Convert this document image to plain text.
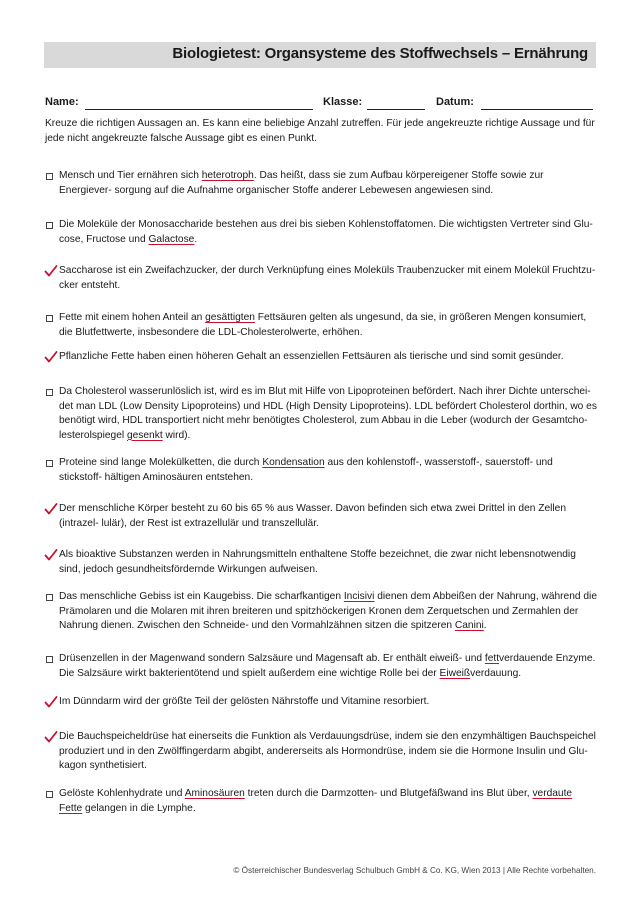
Biologietest: Organsysteme des Stoffwechsels – Ernährung
Name:	Klasse:	Datum:
Kreuze die richtigen Aussagen an. Es kann eine beliebige Anzahl zutreffen. Für jede angekreuzte richtige Aussage und für jede nicht angekreuzte falsche Aussage gibt es einen Punkt.
Mensch und Tier ernähren sich heterotroph. Das heißt, dass sie zum Aufbau körpereigener Stoffe sowie zur Energiever- sorgung auf die Aufnahme organischer Stoffe anderer Lebewesen angewiesen sind.
Die Moleküle der Monosaccharide bestehen aus drei bis sieben Kohlenstoffatomen. Die wichtigsten Vertreter sind Glu- cose, Fructose und Galactose.
Saccharose ist ein Zweifachzucker, der durch Verknüpfung eines Moleküls Traubenzucker mit einem Molekül Fruchtzu- cker entsteht.
Fette mit einem hohen Anteil an gesättigten Fettsäuren gelten als ungesund, da sie, in größeren Mengen konsumiert, die Blutfettwerte, insbesondere die LDL-Cholesterolwerte, erhöhen.
Pflanzliche Fette haben einen höheren Gehalt an essenziellen Fettsäuren als tierische und sind somit gesünder.
Da Cholesterol wasserunlöslich ist, wird es im Blut mit Hilfe von Lipoproteinen befördert. Nach ihrer Dichte unterschei- det man LDL (Low Density Lipoproteins) und HDL (High Density Lipoproteins). LDL befördert Cholesterol dorthin, wo es benötigt wird, HDL transportiert nicht mehr benötigtes Cholesterol, zum Abbau in die Leber (wodurch der Gesamtcho- lesterolspiegel gesenkt wird).
Proteine sind lange Molekülketten, die durch Kondensation aus den kohlenstoff-, wasserstoff-, sauerstoff- und stickstoff- hältigen Aminosäuren entstehen.
Der menschliche Körper besteht zu 60 bis 65 % aus Wasser. Davon befinden sich etwa zwei Drittel in den Zellen (intrazel- lulär), der Rest ist extrazellulär und transzellulär.
Als bioaktive Substanzen werden in Nahrungsmitteln enthaltene Stoffe bezeichnet, die zwar nicht lebensnotwendig sind, jedoch gesundheitsfördernde Wirkungen aufweisen.
Das menschliche Gebiss ist ein Kaugebiss. Die scharfkantigen Incisivi dienen dem Abbeißen der Nahrung, während die Prämolaren und die Molaren mit ihren breiteren und spitzhöckerigen Kronen dem Zerquetschen und Zermahlen der Nahrung dienen. Zwischen den Schneide- und den Vormahlzähnen sitzen die spitzeren Canini.
Drüsenzellen in der Magenwand sondern Salzsäure und Magensaft ab. Er enthält eiweiß- und fettverdauende Enzyme. Die Salzsäure wirkt bakterientötend und spielt außerdem eine wichtige Rolle bei der Eiweißverdauung.
Im Dünndarm wird der größte Teil der gelösten Nährstoffe und Vitamine resorbiert.
Die Bauchspeicheldrüse hat einerseits die Funktion als Verdauungsdrüse, indem sie den enzymhältigen Bauchspeichel produziert und in den Zwölffingerdarm abgibt, andererseits als Hormondrüse, indem sie die Hormone Insulin und Glu- kagon synthetisiert.
Gelöste Kohlenhydrate und Aminosäuren treten durch die Darmzotten- und Blutgefäßwand ins Blut über, verdaute Fette gelangen in die Lymphe.
© Österreichischer Bundesverlag Schulbuch GmbH & Co. KG, Wien 2013 | Alle Rechte vorbehalten.
